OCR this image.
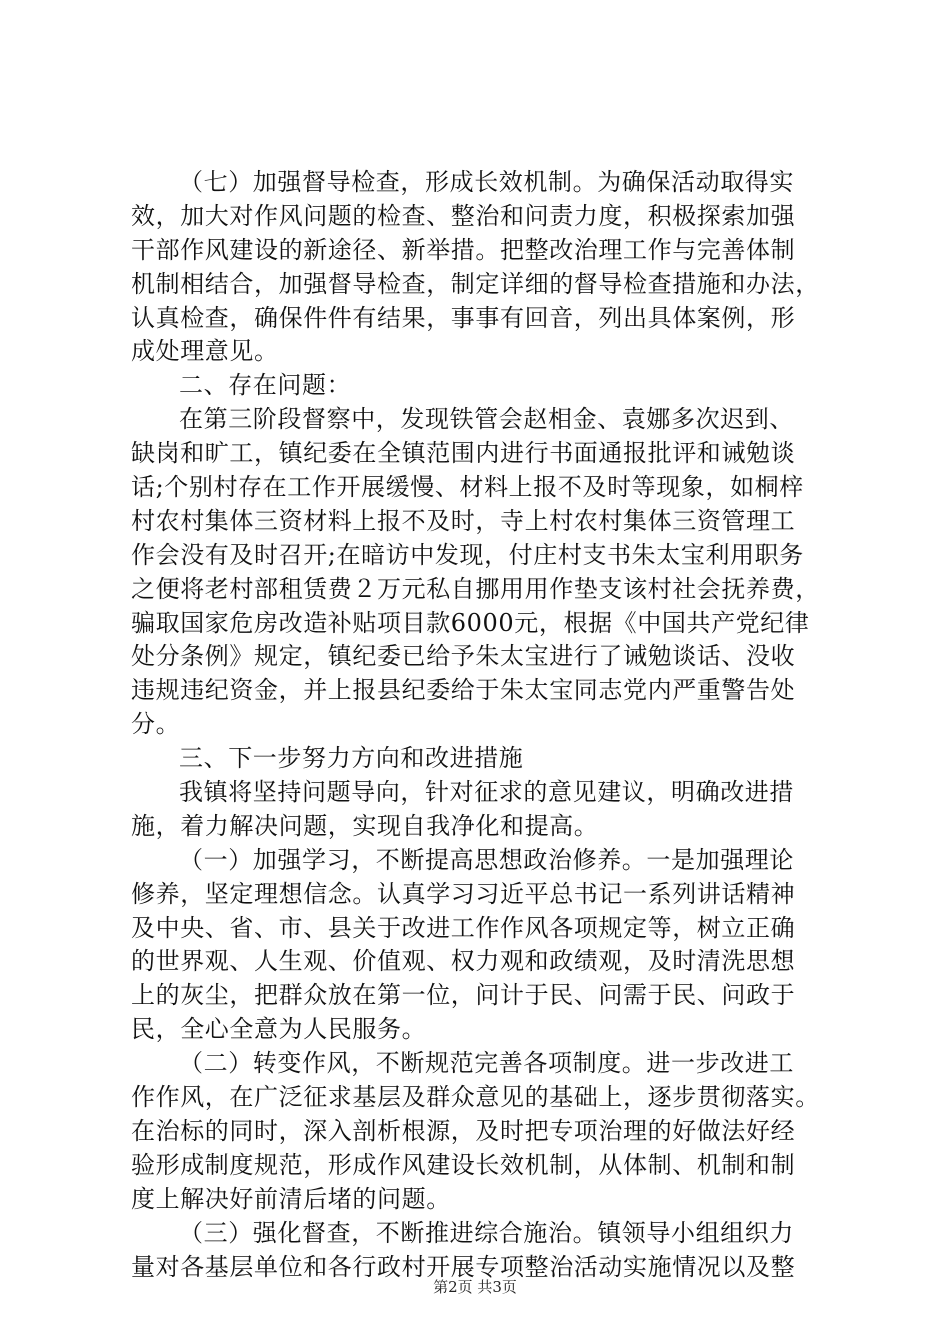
（七）加强督导检查，形成长效机制。为确保活动取得实
效，加大对作风问题的检查、整治和问责力度，积极探索加强
干部作风建设的新途径、新举措。把整改治理工作与完善体制
机制相结合，加强督导检查，制定详细的督导检查措施和办法，
认真检查，确保件件有结果，事事有回音，列出具体案例，形
成处理意见。
二、存在问题：
在第三阶段督察中，发现铁管会赵相金、袁娜多次迟到、
缺岗和旷工，镇纪委在全镇范围内进行书面通报批评和诫勉谈
话;个别村存在工作开展缓慢、材料上报不及时等现象，如桐梓
村农村集体三资材料上报不及时，寺上村农村集体三资管理工
作会没有及时召开;在暗访中发现，付庄村支书朱太宝利用职务
之便将老村部租赁费２万元私自挪用用作垫支该村社会抚养费，
骗取国家危房改造补贴项目款6000元，根据《中国共产党纪律
处分条例》规定，镇纪委已给予朱太宝进行了诫勉谈话、没收
违规违纪资金，并上报县纪委给于朱太宝同志党内严重警告处
分。
三、下一步努力方向和改进措施
我镇将坚持问题导向，针对征求的意见建议，明确改进措
施，着力解决问题，实现自我净化和提高。
（一）加强学习，不断提高思想政治修养。一是加强理论
修养，坚定理想信念。认真学习习近平总书记一系列讲话精神
及中央、省、市、县关于改进工作作风各项规定等，树立正确
的世界观、人生观、价值观、权力观和政绩观，及时清洗思想
上的灰尘，把群众放在第一位，问计于民、问需于民、问政于
民，全心全意为人民服务。
（二）转变作风，不断规范完善各项制度。进一步改进工
作作风，在广泛征求基层及群众意见的基础上，逐步贯彻落实。
在治标的同时，深入剖析根源，及时把专项治理的好做法好经
验形成制度规范，形成作风建设长效机制，从体制、机制和制
度上解决好前清后堵的问题。
（三）强化督查，不断推进综合施治。镇领导小组组织力
量对各基层单位和各行政村开展专项整治活动实施情况以及整
第2页 共3页
